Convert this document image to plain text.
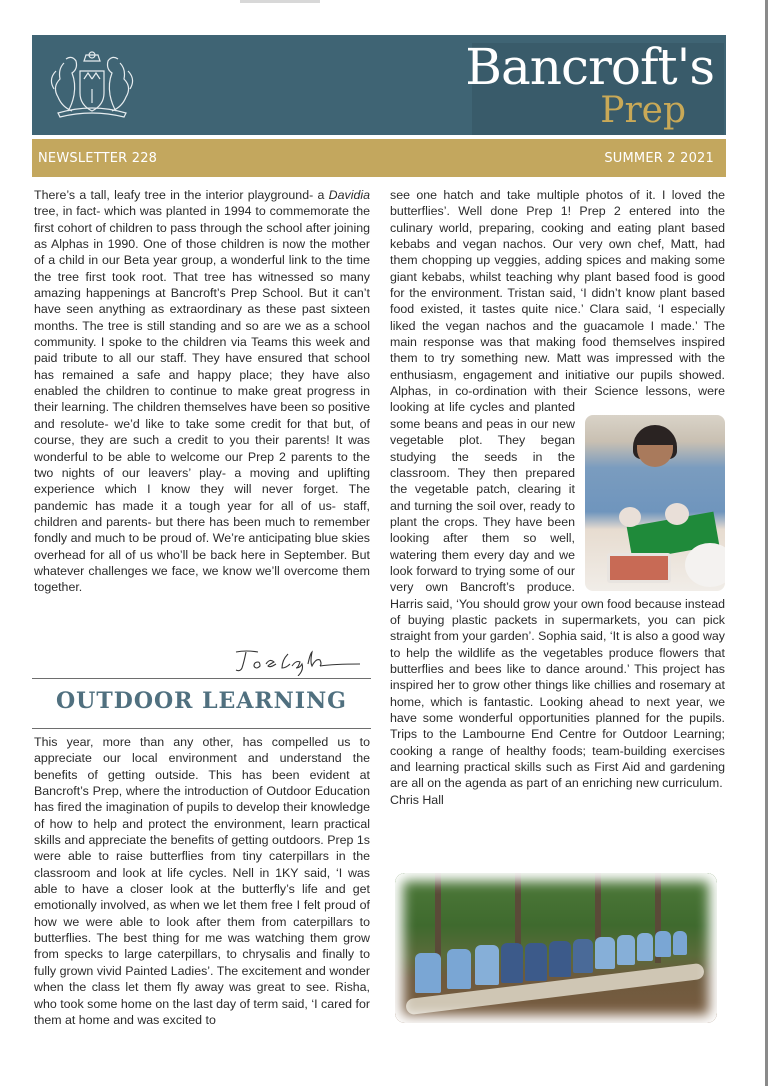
Bancroft's
Prep
NEWSLETTER 228	SUMMER 2 2021

There’s a tall, leafy tree in the interior playground- a Davidia tree, in fact- which was planted in 1994 to commemorate the first cohort of children to pass through the school after joining as Alphas in 1990. One of those children is now the mother of a child in our Beta year group, a wonderful link to the time the tree first took root. That tree has witnessed so many amazing happenings at Bancroft’s Prep School. But it can’t have seen anything as extraordinary as these past sixteen months. The tree is still standing and so are we as a school community. I spoke to the children via Teams this week and paid tribute to all our staff. They have ensured that school has remained a safe and happy place; they have also enabled the children to continue to make great progress in their learning. The children themselves have been so positive and resolute- we’d like to take some credit for that but, of course, they are such a credit to you their parents! It was wonderful to be able to welcome our Prep 2 parents to the two nights of our leavers’ play- a moving and uplifting experience which I know they will never forget. The pandemic has made it a tough year for all of us- staff, children and parents- but there has been much to remember fondly and much to be proud of. We’re anticipating blue skies overhead for all of us who’ll be back here in September. But whatever challenges we face, we know we’ll overcome them together.

OUTDOOR LEARNING

This year, more than any other, has compelled us to appreciate our local environment and understand the benefits of getting outside. This has been evident at Bancroft’s Prep, where the introduction of Outdoor Education has fired the imagination of pupils to develop their knowledge of how to help and protect the environment, learn practical skills and appreciate the benefits of getting outdoors. Prep 1s were able to raise butterflies from tiny caterpillars in the classroom and look at life cycles. Nell in 1KY said, ‘I was able to have a closer look at the butterfly’s life and get emotionally involved, as when we let them free I felt proud of how we were able to look after them from caterpillars to butterflies. The best thing for me was watching them grow from specks to large caterpillars, to chrysalis and finally to fully grown vivid Painted Ladies’. The excitement and wonder when the class let them fly away was great to see. Risha, who took some home on the last day of term said, ‘I cared for them at home and was excited to

see one hatch and take multiple photos of it. I loved the butterflies’. Well done Prep 1! Prep 2 entered into the culinary world, preparing, cooking and eating plant based kebabs and vegan nachos. Our very own chef, Matt, had them chopping up veggies, adding spices and making some giant kebabs, whilst teaching why plant based food is good for the environment. Tristan said, ‘I didn’t know plant based food existed, it tastes quite nice.’ Clara said, ‘I especially liked the vegan nachos and the guacamole I made.’ The main response was that making food themselves inspired them to try something new. Matt was impressed with the enthusiasm, engagement and initiative our pupils showed. Alphas, in co-ordination with their Science lessons, were looking at life cycles and planted some beans and peas in our new vegetable plot. They began studying the seeds in the classroom. They then prepared the vegetable patch, clearing it and turning the soil over, ready to plant the crops. They have been looking after them so well, watering them every day and we look forward to trying some of our very own Bancroft’s produce. Harris said, ‘You should grow your own food because instead of buying plastic packets in supermarkets, you can pick straight from your garden’. Sophia said, ‘It is also a good way to help the wildlife as the vegetables produce flowers that butterflies and bees like to dance around.’ This project has inspired her to grow other things like chillies and rosemary at home, which is fantastic. Looking ahead to next year, we have some wonderful opportunities planned for the pupils. Trips to the Lambourne End Centre for Outdoor Learning; cooking a range of healthy foods; team-building exercises and learning practical skills such as First Aid and gardening are all on the agenda as part of an enriching new curriculum.

Chris Hall
